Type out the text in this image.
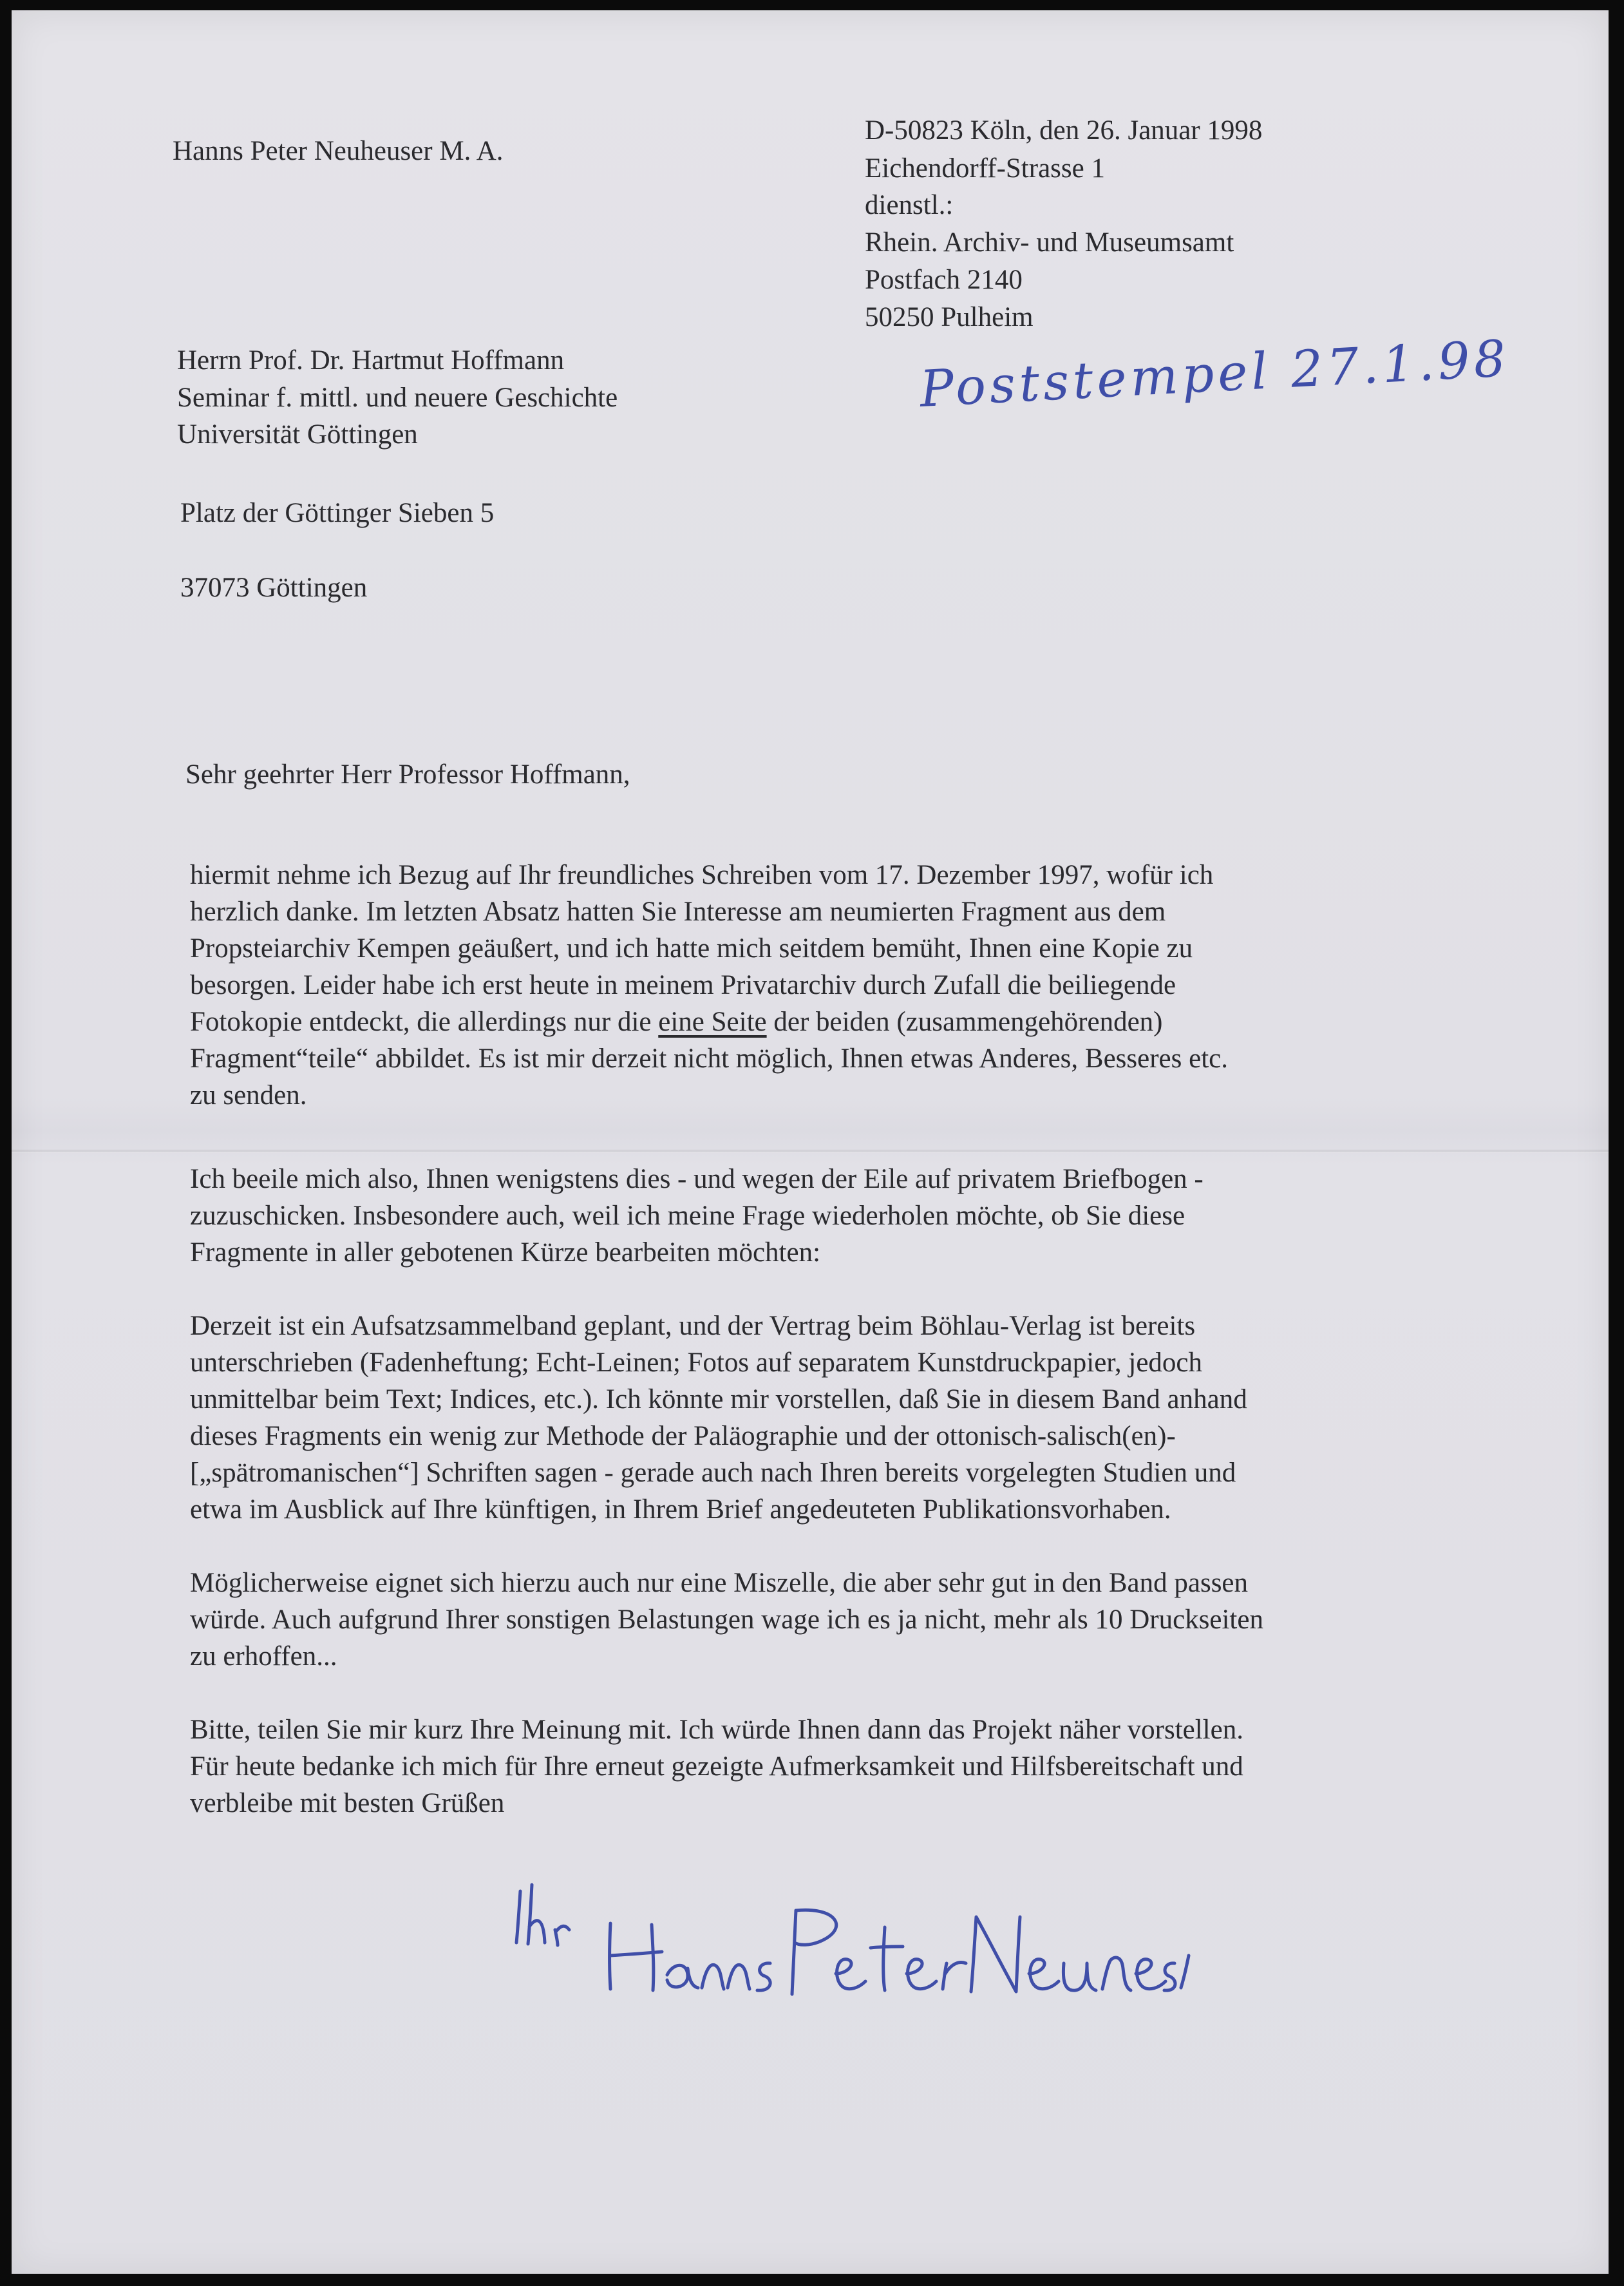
Hanns Peter Neuheuser M. A.
D-50823 Köln, den 26. Januar 1998
Eichendorff-Strasse 1
dienstl.:
Rhein. Archiv- und Museumsamt
Postfach 2140
50250 Pulheim
Poststempel 27.1.98
Herrn Prof. Dr. Hartmut Hoffmann
Seminar f. mittl. und neuere Geschichte
Universität Göttingen
Platz der Göttinger Sieben 5
37073 Göttingen
Sehr geehrter Herr Professor Hoffmann,
hiermit nehme ich Bezug auf Ihr freundliches Schreiben vom 17. Dezember 1997, wofür ich
herzlich danke. Im letzten Absatz hatten Sie Interesse am neumierten Fragment aus dem
Propsteiarchiv Kempen geäußert, und ich hatte mich seitdem bemüht, Ihnen eine Kopie zu
besorgen. Leider habe ich erst heute in meinem Privatarchiv durch Zufall die beiliegende
Fotokopie entdeckt, die allerdings nur die eine Seite der beiden (zusammengehörenden)
Fragment“teile“ abbildet. Es ist mir derzeit nicht möglich, Ihnen etwas Anderes, Besseres etc.
zu senden.
Ich beeile mich also, Ihnen wenigstens dies - und wegen der Eile auf privatem Briefbogen -
zuzuschicken. Insbesondere auch, weil ich meine Frage wiederholen möchte, ob Sie diese
Fragmente in aller gebotenen Kürze bearbeiten möchten:
Derzeit ist ein Aufsatzsammelband geplant, und der Vertrag beim Böhlau-Verlag ist bereits
unterschrieben (Fadenheftung; Echt-Leinen; Fotos auf separatem Kunstdruckpapier, jedoch
unmittelbar beim Text; Indices, etc.). Ich könnte mir vorstellen, daß Sie in diesem Band anhand
dieses Fragments ein wenig zur Methode der Paläographie und der ottonisch-salisch(en)-
[„spätromanischen“] Schriften sagen - gerade auch nach Ihren bereits vorgelegten Studien und
etwa im Ausblick auf Ihre künftigen, in Ihrem Brief angedeuteten Publikationsvorhaben.
Möglicherweise eignet sich hierzu auch nur eine Miszelle, die aber sehr gut in den Band passen
würde. Auch aufgrund Ihrer sonstigen Belastungen wage ich es ja nicht, mehr als 10 Druckseiten
zu erhoffen...
Bitte, teilen Sie mir kurz Ihre Meinung mit. Ich würde Ihnen dann das Projekt näher vorstellen.
Für heute bedanke ich mich für Ihre erneut gezeigte Aufmerksamkeit und Hilfsbereitschaft und
verbleibe mit besten Grüßen
